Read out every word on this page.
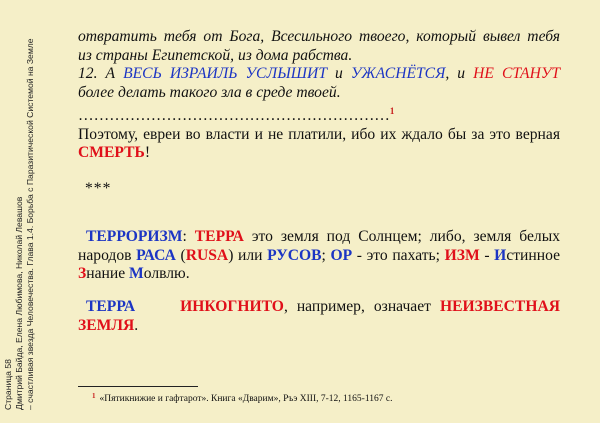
Страница 58 Дмитрий Байда, Елена Любимова, Николай Левашов – счастливая звезда Человечества. Глава 1.4. Борьба с Паразитической Системой на Земле

отвратить тебя от Бога, Всесильного твоего, который вывел тебя

из страны Египетской, из дома рабства.

12. А ВЕСЬ ИЗРАИЛЬ УСЛЫШИТ и УЖАСНЁТСЯ, и НЕ СТАНУТ

более делать такого зла в среде твоей.

……………………………………………………$^1$

Поэтому, евреи во власти и не платили, ибо их ждало бы за это верная СМЕРТЬ!

***

ТЕРРОРИЗМ: ТЕРРА это земля под Солнцем; либо, земля белых народов РАСА (RUSA) или РУСОВ; ОР - это пахать; ИЗМ - Истинное Знание Молвлю.

ТЕРРА	ИНКОГНИТО, например, означает НЕИЗВЕСТНАЯ ЗЕМЛЯ.

$^1$ «Пятикнижие и гафтарот». Книга «Дварим», Ръэ XIII, 7-12, 1165-1167 с.
